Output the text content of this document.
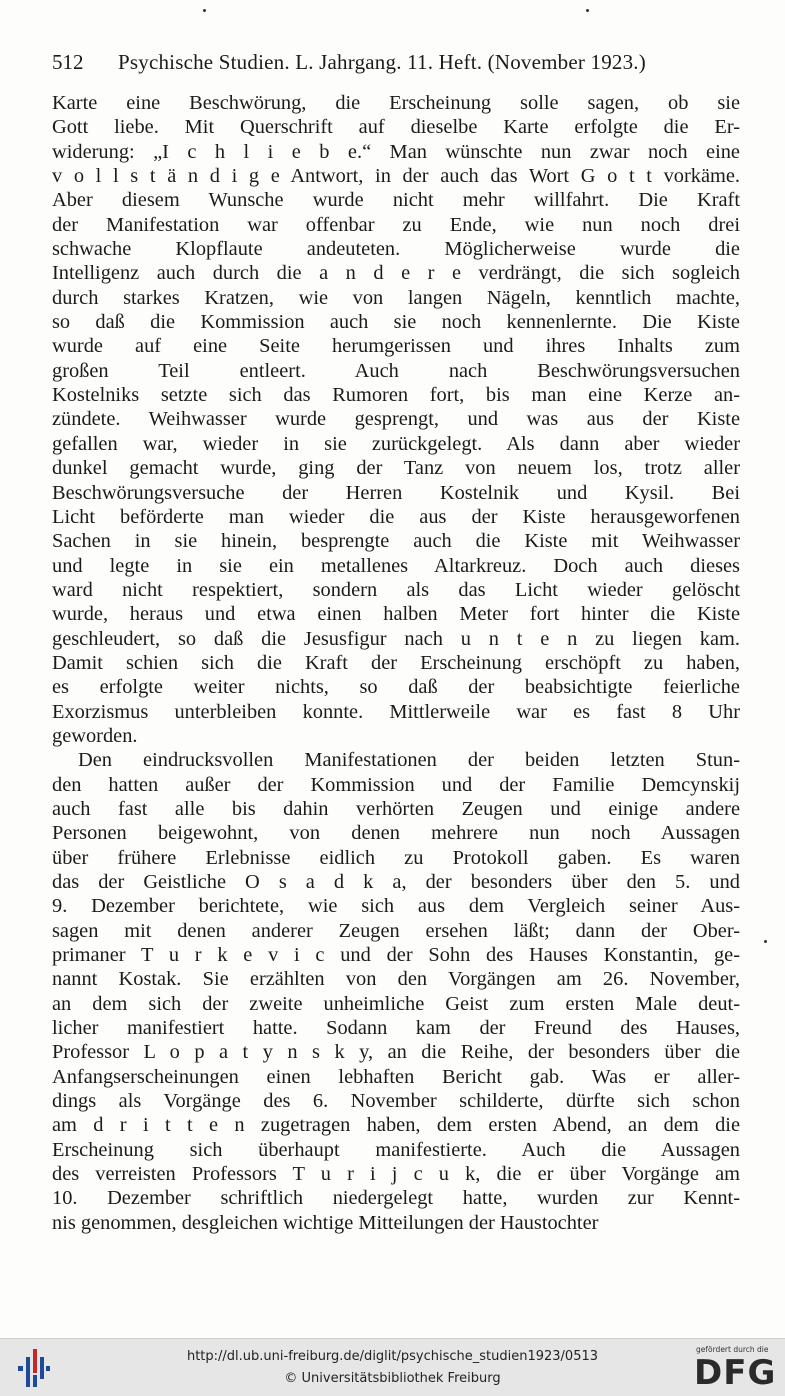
512 Psychische Studien. L. Jahrgang. 11. Heft. (November 1923.)
Karte eine Beschwörung, die Erscheinung solle sagen, ob sie
Gott liebe. Mit Querschrift auf dieselbe Karte erfolgte die Er-
widerung: „I c h l i e b e.“ Man wünschte nun zwar noch eine
v o l l s t ä n d i g e Antwort, in der auch das Wort G o t t vorkäme.
Aber diesem Wunsche wurde nicht mehr willfahrt. Die Kraft
der Manifestation war offenbar zu Ende, wie nun noch drei
schwache Klopflaute andeuteten. Möglicherweise wurde die
Intelligenz auch durch die a n d e r e verdrängt, die sich sogleich
durch starkes Kratzen, wie von langen Nägeln, kenntlich machte,
so daß die Kommission auch sie noch kennenlernte. Die Kiste
wurde auf eine Seite herumgerissen und ihres Inhalts zum
großen Teil entleert. Auch nach Beschwörungsversuchen
Kostelniks setzte sich das Rumoren fort, bis man eine Kerze an-
zündete. Weihwasser wurde gesprengt, und was aus der Kiste
gefallen war, wieder in sie zurückgelegt. Als dann aber wieder
dunkel gemacht wurde, ging der Tanz von neuem los, trotz aller
Beschwörungsversuche der Herren Kostelnik und Kysil. Bei
Licht beförderte man wieder die aus der Kiste herausgeworfenen
Sachen in sie hinein, besprengte auch die Kiste mit Weihwasser
und legte in sie ein metallenes Altarkreuz. Doch auch dieses
ward nicht respektiert, sondern als das Licht wieder gelöscht
wurde, heraus und etwa einen halben Meter fort hinter die Kiste
geschleudert, so daß die Jesusfigur nach u n t e n zu liegen kam.
Damit schien sich die Kraft der Erscheinung erschöpft zu haben,
es erfolgte weiter nichts, so daß der beabsichtigte feierliche
Exorzismus unterbleiben konnte. Mittlerweile war es fast 8 Uhr
geworden.
Den eindrucksvollen Manifestationen der beiden letzten Stun-
den hatten außer der Kommission und der Familie Demcynskij
auch fast alle bis dahin verhörten Zeugen und einige andere
Personen beigewohnt, von denen mehrere nun noch Aussagen
über frühere Erlebnisse eidlich zu Protokoll gaben. Es waren
das der Geistliche O s a d k a, der besonders über den 5. und
9. Dezember berichtete, wie sich aus dem Vergleich seiner Aus-
sagen mit denen anderer Zeugen ersehen läßt; dann der Ober-
primaner T u r k e v i c und der Sohn des Hauses Konstantin, ge-
nannt Kostak. Sie erzählten von den Vorgängen am 26. November,
an dem sich der zweite unheimliche Geist zum ersten Male deut-
licher manifestiert hatte. Sodann kam der Freund des Hauses,
Professor L o p a t y n s k y, an die Reihe, der besonders über die
Anfangserscheinungen einen lebhaften Bericht gab. Was er aller-
dings als Vorgänge des 6. November schilderte, dürfte sich schon
am d r i t t e n zugetragen haben, dem ersten Abend, an dem die
Erscheinung sich überhaupt manifestierte. Auch die Aussagen
des verreisten Professors T u r i j c u k, die er über Vorgänge am
10. Dezember schriftlich niedergelegt hatte, wurden zur Kennt-
nis genommen, desgleichen wichtige Mitteilungen der Haustochter
http://dl.ub.uni-freiburg.de/diglit/psychische_studien1923/0513
© Universitätsbibliothek Freiburg
gefördert durch die
DFG
